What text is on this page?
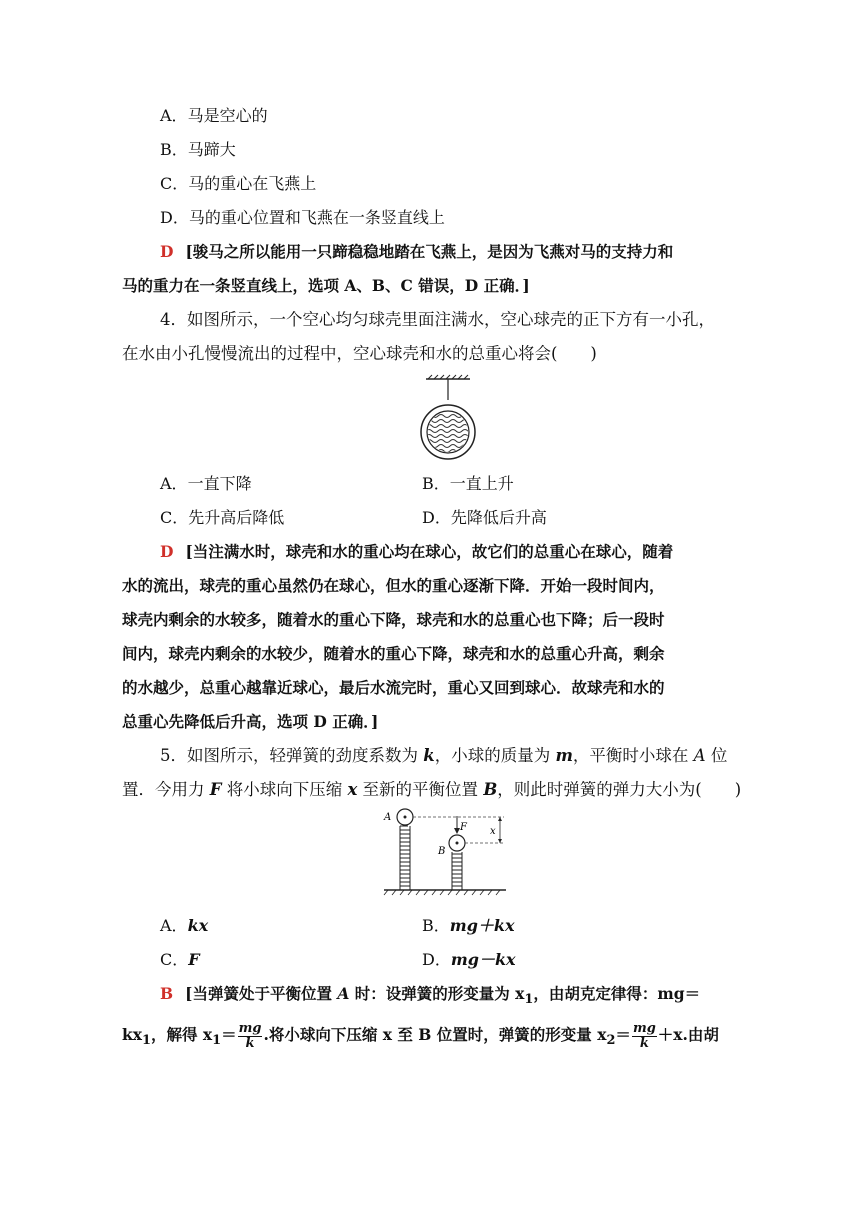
A．马是空心的
B．马蹄大
C．马的重心在飞燕上
D．马的重心位置和飞燕在一条竖直线上
D [骏马之所以能用一只蹄稳稳地踏在飞燕上，是因为飞燕对马的支持力和
马的重力在一条竖直线上，选项 A、B、C 错误，D 正确．]
4．如图所示，一个空心均匀球壳里面注满水，空心球壳的正下方有一小孔，
在水由小孔慢慢流出的过程中，空心球壳和水的总重心将会(　　)
A．一直下降	B．一直上升
C．先升高后降低	D．先降低后升高
D [当注满水时，球壳和水的重心均在球心，故它们的总重心在球心，随着
水的流出，球壳的重心虽然仍在球心，但水的重心逐渐下降．开始一段时间内，
球壳内剩余的水较多，随着水的重心下降，球壳和水的总重心也下降；后一段时
间内，球壳内剩余的水较少，随着水的重心下降，球壳和水的总重心升高，剩余
的水越少，总重心越靠近球心，最后水流完时，重心又回到球心．故球壳和水的
总重心先降低后升高，选项 D 正确．]
5．如图所示，轻弹簧的劲度系数为 k，小球的质量为 m，平衡时小球在 A 位
置．今用力 F 将小球向下压缩 x 至新的平衡位置 B，则此时弹簧的弹力大小为(　　)
A
F
B
x
A．kx	B．mg＋kx
C．F	D．mg－kx
B [当弹簧处于平衡位置 A 时：设弹簧的形变量为 $x_1$，由胡克定律得：mg＝
$kx_1$，解得 $x_1= \frac{mg}{k}$ .将小球向下压缩 x 至 B 位置时，弹簧的形变量 $x_2= \frac{mg}{k} +x$.由胡
